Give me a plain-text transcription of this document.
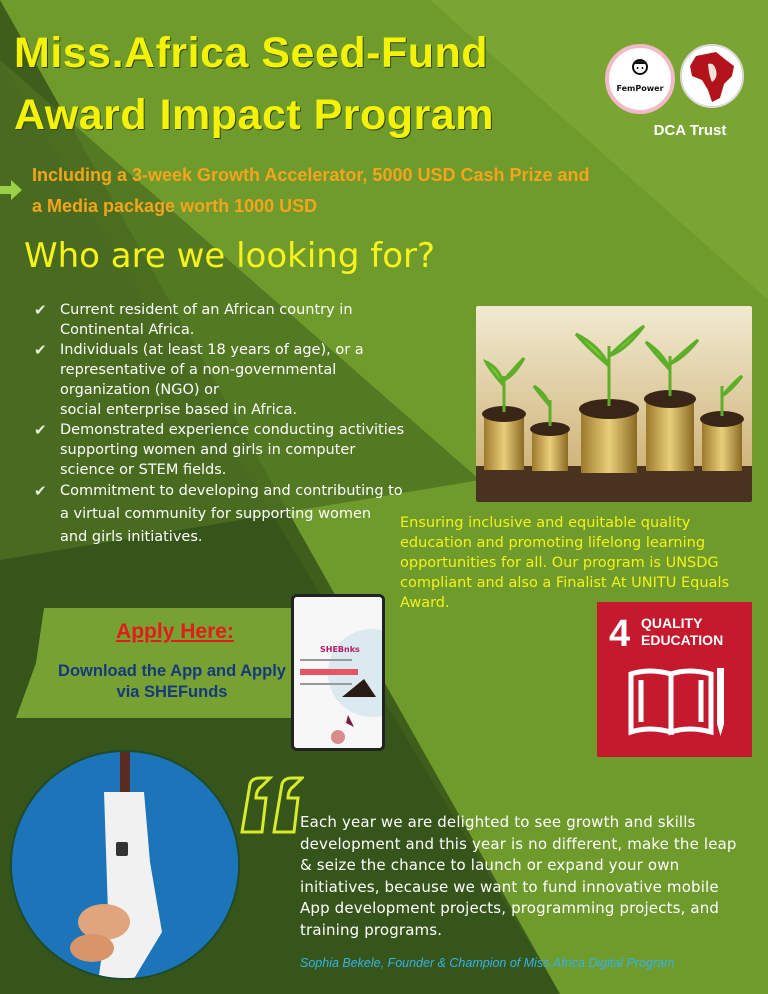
Miss.Africa Seed-Fund Award Impact Program

Including a 3-week Growth Accelerator, 5000 USD Cash Prize and a Media package worth 1000 USD

FemPower
DCA Trust
Who are we looking for?
✔ Current resident of an African country in
Continental Africa.
✔ Individuals (at least 18 years of age), or a
representative of a non-governmental
organization (NGO) or
social enterprise based in Africa.
✔ Demonstrated experience conducting activities
supporting women and girls in computer
science or STEM fields.
✔ Commitment to developing and contributing to
a virtual community for supporting women
and girls initiatives.

Ensuring inclusive and equitable quality education and promoting lifelong learning opportunities for all. Our program is UNSDG compliant and also a Finalist At UNITU Equals Award.

Apply Here:
Download the App and Apply via SHEFunds
SHEBnks	4 QUALITY
EDUCATION

Each year we are delighted to see growth and skills development and this year is no different, make the leap & seize the chance to launch or expand your own initiatives, because we want to fund innovative mobile App development projects, programming projects, and training programs.

Sophia Bekele, Founder & Champion of Miss.Africa Digital Program
